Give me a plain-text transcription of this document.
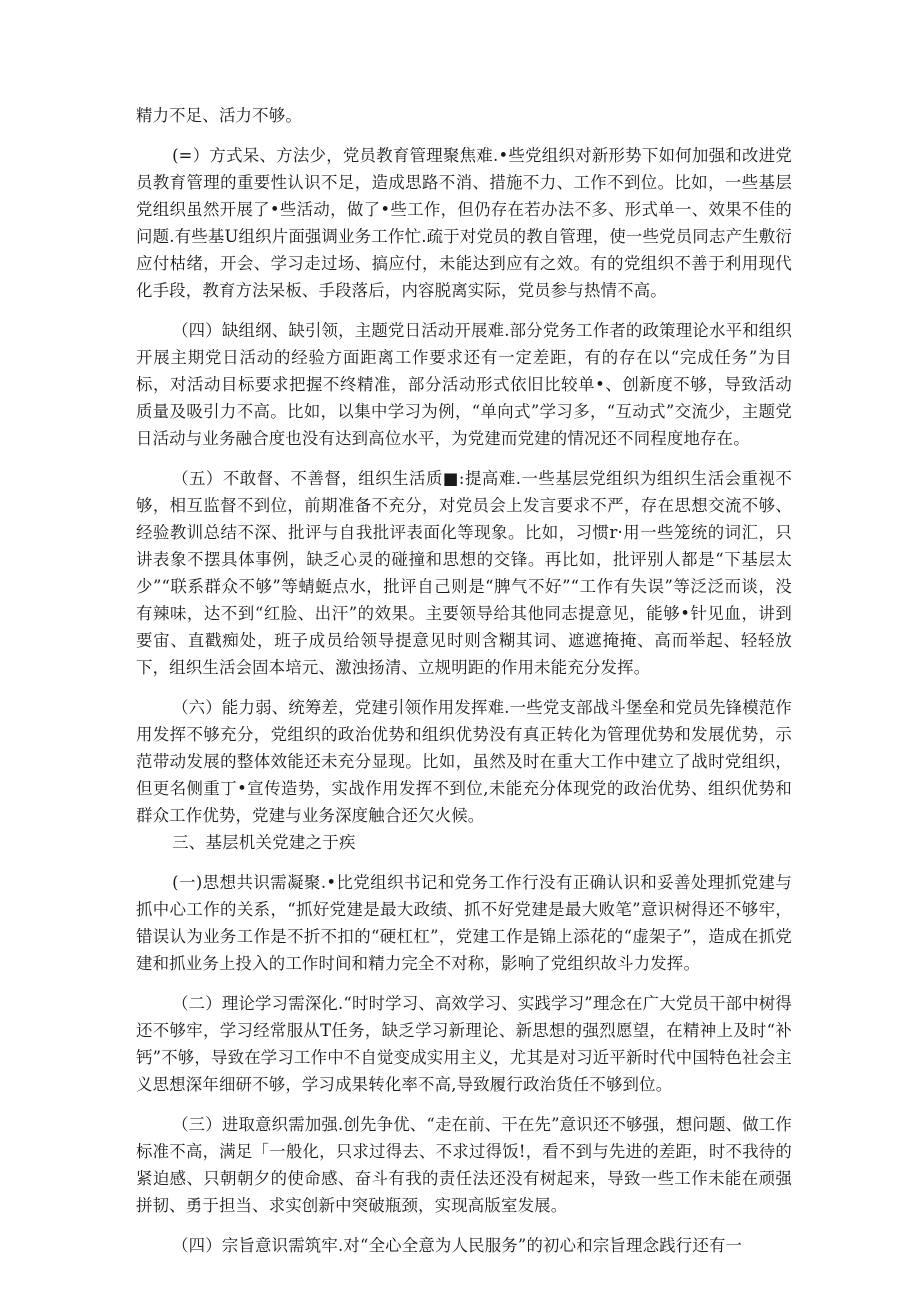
精力不足、活力不够。

(=）方式呆、方法少，党员教育管理聚焦难.•些党组织对新形势下如何加强和改进党员教育管理的重要性认识不足，造成思路不消、措施不力、工作不到位。比如，一些基层党组织虽然开展了•些活动，做了•些工作，但仍存在若办法不多、形式单一、效果不佳的问题.有些基U组织片面强调业务工作忙.疏于对党员的教自管理，使一些党员同志产生敷衍应付枯绪，开会、学习走过场、搞应付，未能达到应有之效。有的党组织不善于利用现代化手段，教育方法呆板、手段落后，内容脱离实际，党员参与热情不高。

（四）缺组纲、缺引领，主题党日活动开展难.部分党务工作者的政策理论水平和组织开展主期党日活动的经验方面距离工作要求还有一定差距，有的存在以“完成任务”为目标，对活动目标要求把握不终精准，部分活动形式依旧比较单•、创新度不够，导致活动质量及吸引力不高。比如，以集中学习为例，“单向式”学习多，“互动式”交流少，主题党日活动与业务融合度也没有达到高位水平，为党建而党建的情况还不同程度地存在。

（五）不敢督、不善督，组织生活质■:提高难.一些基层党组织为组织生活会重视不够，相互监督不到位，前期准备不充分，对党员会上发言要求不严，存在思想交流不够、经验教训总结不深、批评与自我批评表面化等现象。比如，习惯r·用一些笼统的词汇，只讲表象不摆具体事例，缺乏心灵的碰撞和思想的交锋。再比如，批评别人都是“下基层太少”“联系群众不够”等蜻蜓点水，批评自己则是“脾气不好”“工作有失误”等泛泛而谈，没有辣味，达不到“红脸、出汗”的效果。主要领导给其他同志提意见，能够•针见血，讲到要宙、直戳痴处，班子成员给领导提意见时则含糊其词、遮遮掩掩、高而举起、轻轻放下，组织生活会固本培元、激浊扬清、立规明距的作用未能充分发挥。

（六）能力弱、统筹差，党建引领作用发挥难.一些党支部战斗堡垒和党员先锋模范作用发挥不够充分，党组织的政治优势和组织优势没有真正转化为管理优势和发展优势，示范带动发展的整体效能还未充分显现。比如，虽然及时在重大工作中建立了战时党组织，但更名侧重丁•宣传造势，实战作用发挥不到位,未能充分体现党的政治优势、组织优势和群众工作优势，党建与业务深度触合还欠火候。

三、基层机关党建之于疾

(一)思想共识需凝聚.•比党组织书记和党务工作行没有正确认识和妥善处理抓党建与抓中心工作的关系，“抓好党建是最大政绩、抓不好党建是最大败笔”意识树得还不够牢，错误认为业务工作是不折不扣的“硬杠杠”，党建工作是锦上添花的“虚架子”，造成在抓党建和抓业务上投入的工作时间和精力完全不对称，影响了党组织故斗力发挥。

（二）理论学习需深化.“时时学习、高效学习、实践学习”理念在广大党员干部中树得还不够牢，学习经常服从T任务，缺乏学习新理论、新思想的强烈愿望，在精神上及时“补钙”不够，导致在学习工作中不自觉变成实用主义，尤其是对习近平新时代中国特色社会主义思想深年细研不够，学习成果转化率不高,导致履行政治货任不够到位。

（三）进取意织需加强.创先争优、“走在前、干在先”意识还不够强，想问题、做工作标准不高，满足「一般化，只求过得去、不求过得饭!，看不到与先进的差距，时不我待的紧迫感、只朝朝夕的使命感、奋斗有我的责任法还没有树起来，导致一些工作未能在顽强拼韧、勇于担当、求实创新中突破瓶颈，实现高版室发展。

（四）宗旨意识需筑牢.对“全心全意为人民服务”的初心和宗旨理念践行还有一
